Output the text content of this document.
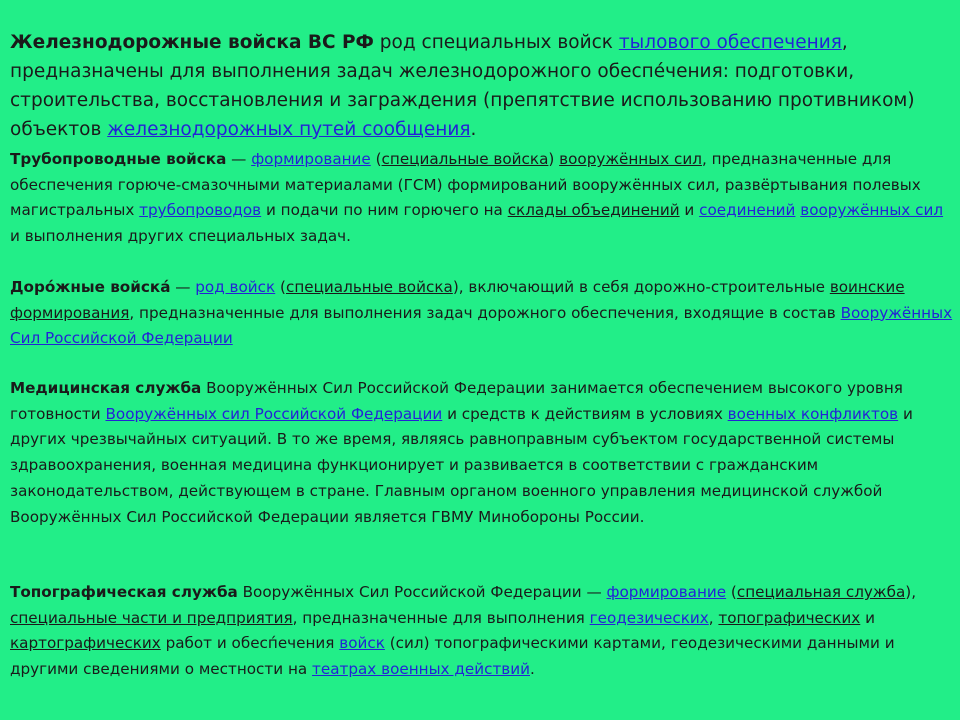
Железнодорожные войска ВС РФ род специальных войск тылового обеспечения, предназначены для выполнения задач железнодорожного обеспе́чения: подготовки, строительства, восстановления и заграждения (препятствие использованию противником) объектов железнодорожных путей сообщения.

Трубопроводные войска — формирование (специальные войска) вооружённых сил, предназначенные для обеспечения горюче-смазочными материалами (ГСМ) формирований вооружённых сил, развёртывания полевых магистральных трубопроводов и подачи по ним горючего на склады объединений и соединений вооружённых сил и выполнения других специальных задач.

Доро́жные войска́ — род войск (специальные войска), включающий в себя дорожно-строительные воинские формирования, предназначенные для выполнения задач дорожного обеспечения, входящие в состав Вооружённых Сил Российской Федерации

Медицинская служба Вооружённых Сил Российской Федерации занимается обеспечением высокого уровня готовности Вооружённых сил Российской Федерации и средств к действиям в условиях военных конфликтов и других чрезвычайных ситуаций. В то же время, являясь равноправным субъектом государственной системы здравоохранения, военная медицина функционирует и развивается в соответствии с гражданским законодательством, действующем в стране. Главным органом военного управления медицинской службой Вооружённых Сил Российской Федерации является ГВМУ Минобороны России.

Топографическая служба Вооружённых Сил Российской Федерации — формирование (специальная служба), специальные части и предприятия, предназначенные для выполнения геодезических, топографических и картографических работ и обесп́ечения войск (сил) топографическими картами, геодезическими данными и другими сведениями о местности на театрах военных действий.
